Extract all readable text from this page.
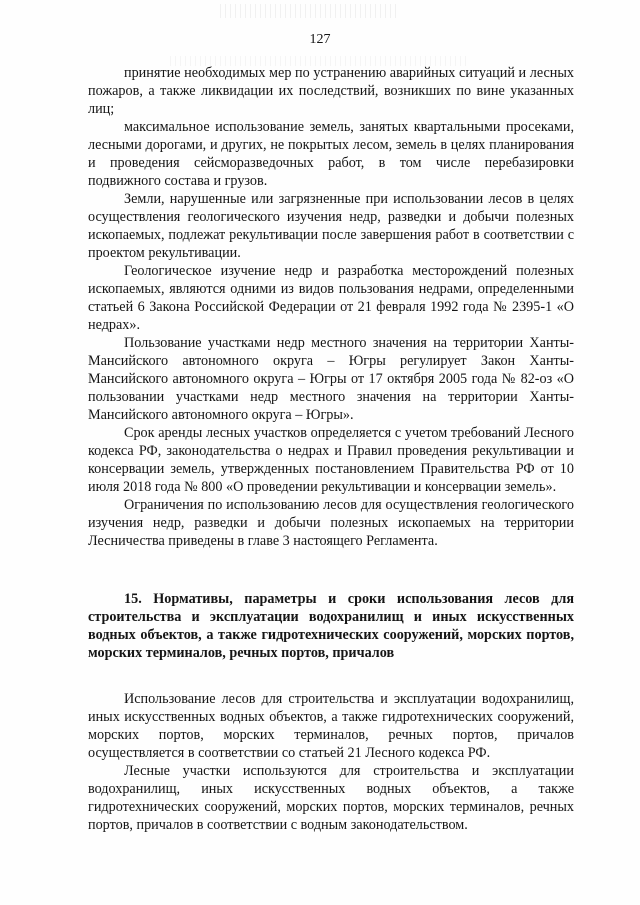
127

принятие необходимых мер по устранению аварийных ситуаций и лесных пожаров, а также ликвидации их последствий, возникших по вине указанных лиц;

максимальное использование земель, занятых квартальными просеками, лесными дорогами, и других, не покрытых лесом, земель в целях планирования и проведения сейсморазведочных работ, в том числе перебазировки подвижного состава и грузов.

Земли, нарушенные или загрязненные при использовании лесов в целях осуществления геологического изучения недр, разведки и добычи полезных ископаемых, подлежат рекультивации после завершения работ в соответствии с проектом рекультивации.

Геологическое изучение недр и разработка месторождений полезных ископаемых, являются одними из видов пользования недрами, определенными статьей 6 Закона Российской Федерации от 21 февраля 1992 года № 2395-1 «О недрах».

Пользование участками недр местного значения на территории Ханты-Мансийского автономного округа – Югры регулирует Закон Ханты-Мансийского автономного округа – Югры от 17 октября 2005 года № 82-оз «О пользовании участками недр местного значения на территории Ханты-Мансийского автономного округа – Югры».

Срок аренды лесных участков определяется с учетом требований Лесного кодекса РФ, законодательства о недрах и Правил проведения рекультивации и консервации земель, утвержденных постановлением Правительства РФ от 10 июля 2018 года № 800 «О проведении рекультивации и консервации земель».

Ограничения по использованию лесов для осуществления геологического изучения недр, разведки и добычи полезных ископаемых на территории Лесничества приведены в главе 3 настоящего Регламента.

15. Нормативы, параметры и сроки использования лесов для строительства и эксплуатации водохранилищ и иных искусственных водных объектов, а также гидротехнических сооружений, морских портов, морских терминалов, речных портов, причалов

Использование лесов для строительства и эксплуатации водохранилищ, иных искусственных водных объектов, а также гидротехнических сооружений, морских портов, морских терминалов, речных портов, причалов осуществляется в соответствии со статьей 21 Лесного кодекса РФ.

Лесные участки используются для строительства и эксплуатации водохранилищ, иных искусственных водных объектов, а также гидротехнических сооружений, морских портов, морских терминалов, речных портов, причалов в соответствии с водным законодательством.
